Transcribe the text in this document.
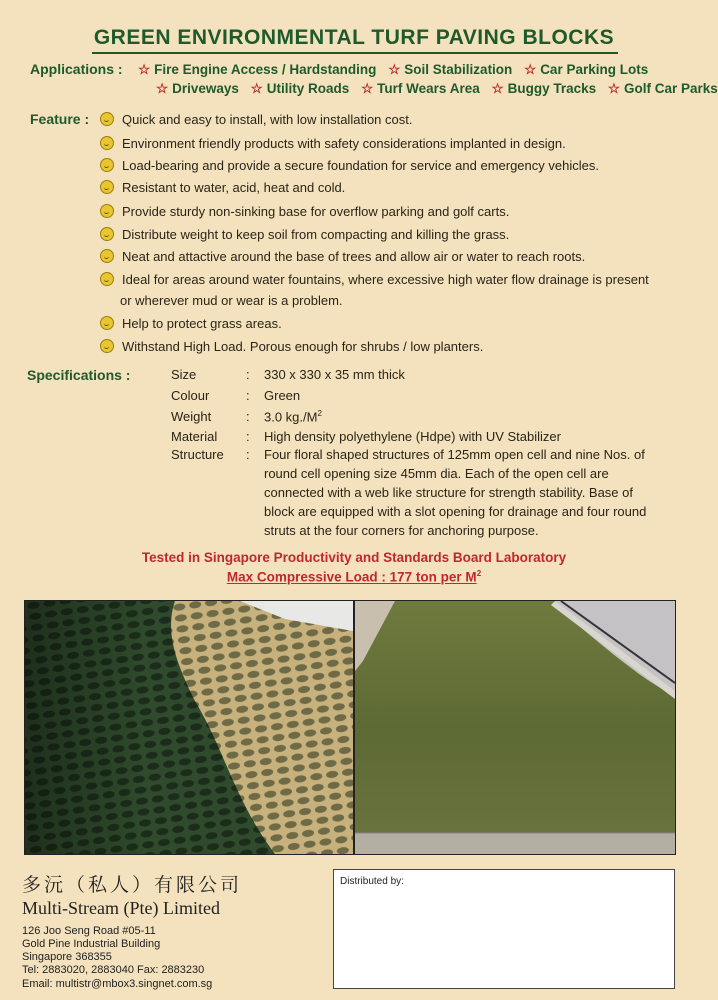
GREEN ENVIRONMENTAL TURF PAVING BLOCKS
Applications : ☆ Fire Engine Access / Hardstanding ☆ Soil Stabilization ☆ Car Parking Lots
☆ Driveways ☆ Utility Roads ☆ Turf Wears Area ☆ Buggy Tracks ☆ Golf Car Parks
Feature :	Quick and easy to install, with low installation cost.
Environment friendly products with safety considerations implanted in design.
Load-bearing and provide a secure foundation for service and emergency vehicles.
Resistant to water, acid, heat and cold.
Provide sturdy non-sinking base for overflow parking and golf carts.
Distribute weight to keep soil from compacting and killing the grass.
Neat and attactive around the base of trees and allow air or water to reach roots.
Ideal for areas around water fountains, where excessive high water flow drainage is present
or wherever mud or wear is a problem.
Help to protect grass areas.
Withstand High Load. Porous enough for shrubs / low planters.
Specifications :	Size	: 330 x 330 x 35 mm thick
Colour	: Green
Weight	: 3.0 $kg./M^2$
Material : High density polyethylene (Hdpe) with UV Stabilizer
Structure : Four floral shaped structures of 125mm open cell and nine Nos. of
round cell opening size 45mm dia. Each of the open cell are
connected with a web like structure for strength stability. Base of
block are equipped with a slot opening for drainage and four round
struts at the four corners for anchoring purpose.
Tested in Singapore Productivity and Standards Board Laboratory
Max Compressive Load : 177 ton per $M^2$
多沅（私人）有限公司
Multi-Stream (Pte) Limited
126 Joo Seng Road #05-11
Gold Pine Industrial Building
Singapore 368355
Tel: 2883020, 2883040 Fax: 2883230
Email: multistr@mbox3.singnet.com.sg
Distributed by:
